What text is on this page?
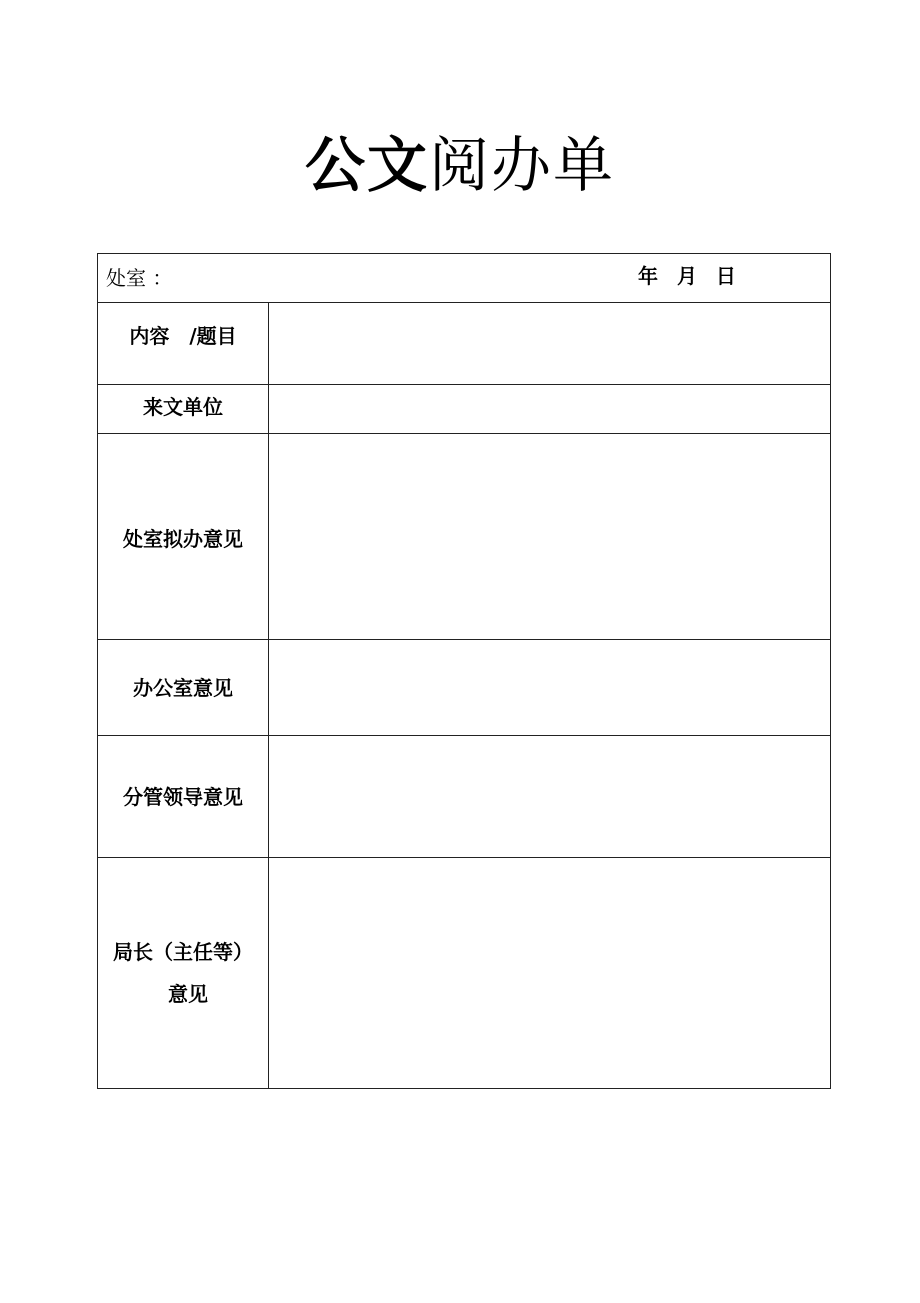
公文阅办单
处室 ：	年 月 日
内容　/题目
来文单位
处室拟办意见
办公室意见
分管领导意见
局长（主任等）
意见
